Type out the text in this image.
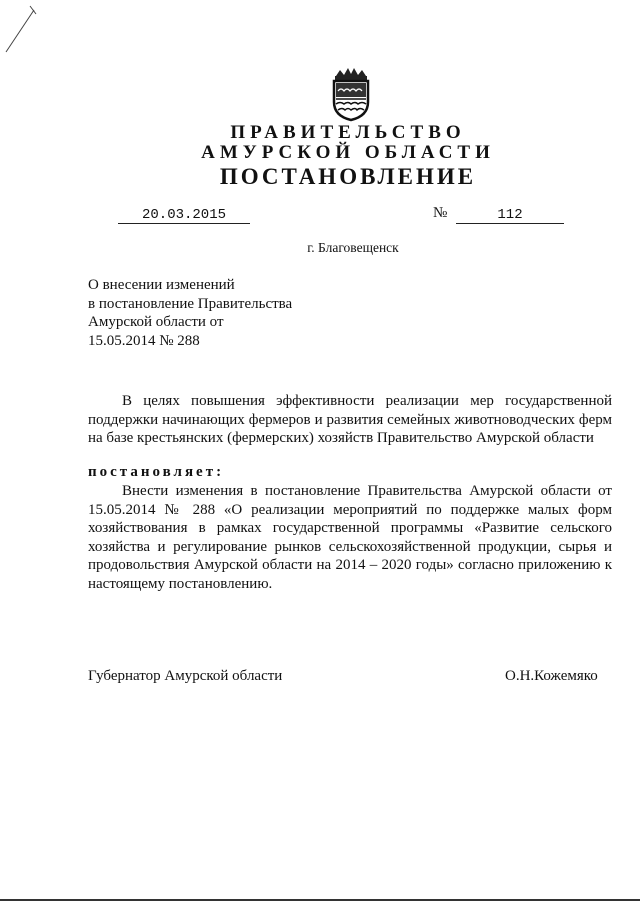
ПРАВИТЕЛЬСТВО
АМУРСКОЙ ОБЛАСТИ
ПОСТАНОВЛЕНИЕ
20.03.2015	№	112
г. Благовещенск
О внесении изменений
в постановление Правительства
Амурской области от
15.05.2014 № 288
В целях повышения эффективности реализации мер государственной поддержки начинающих фермеров и развития семейных животноводческих ферм на базе крестьянских (фермерских) хозяйств Правительство Амурской области
постановляет:
Внести изменения в постановление Правительства Амурской области от 15.05.2014 № 288 «О реализации мероприятий по поддержке малых форм хозяйствования в рамках государственной программы «Развитие сельского хозяйства и регулирование рынков сельскохозяйственной продукции, сырья и продовольствия Амурской области на 2014 – 2020 годы» согласно приложению к настоящему постановлению.
Губернатор Амурской области	О.Н.Кожемяко
